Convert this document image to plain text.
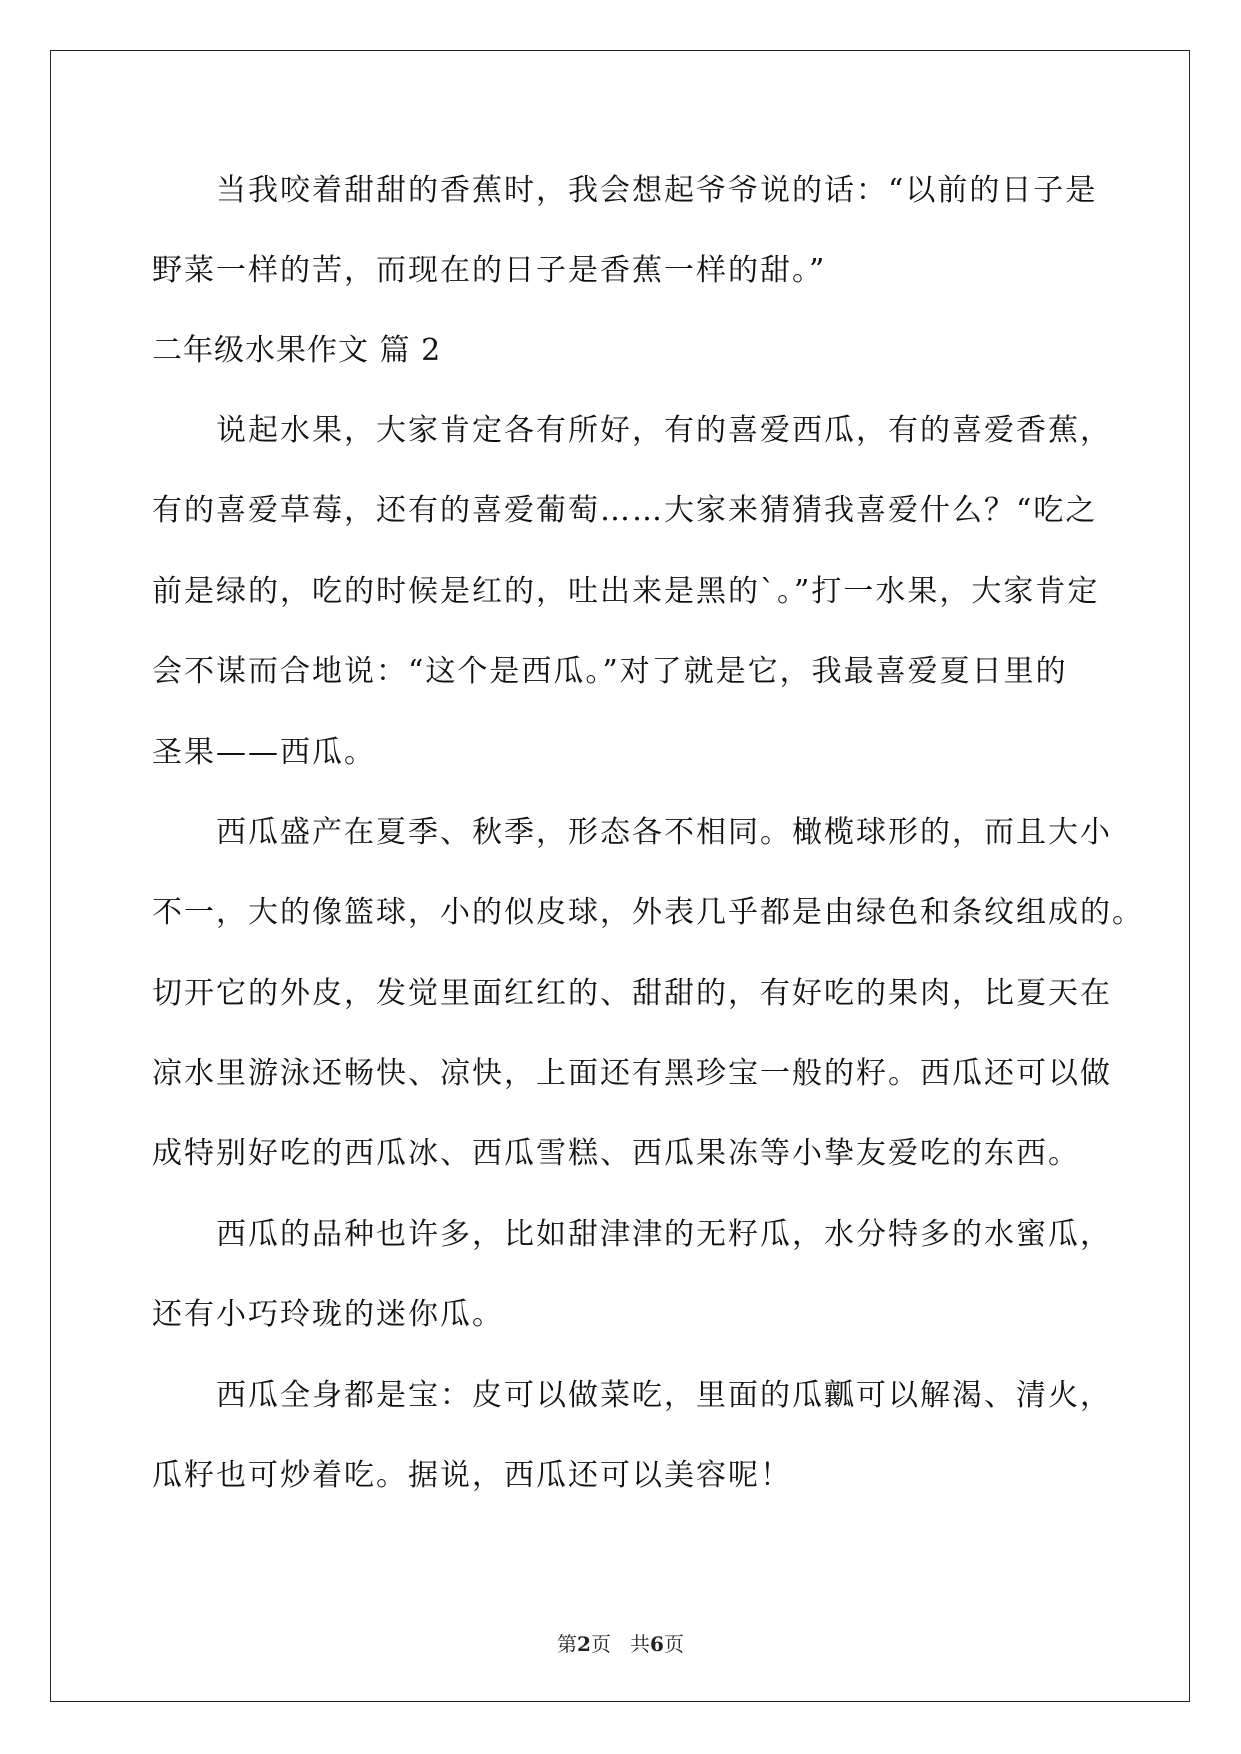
当我咬着甜甜的香蕉时，我会想起爷爷说的话：“以前的日子是
野菜一样的苦，而现在的日子是香蕉一样的甜。”
二年级水果作文 篇 2
说起水果，大家肯定各有所好，有的喜爱西瓜，有的喜爱香蕉，
有的喜爱草莓，还有的喜爱葡萄……大家来猜猜我喜爱什么？“吃之
前是绿的，吃的时候是红的，吐出来是黑的`。”打一水果，大家肯定
会不谋而合地说：“这个是西瓜。”对了就是它，我最喜爱夏日里的
圣果——西瓜。
西瓜盛产在夏季、秋季，形态各不相同。橄榄球形的，而且大小
不一，大的像篮球，小的似皮球，外表几乎都是由绿色和条纹组成的。
切开它的外皮，发觉里面红红的、甜甜的，有好吃的果肉，比夏天在
凉水里游泳还畅快、凉快，上面还有黑珍宝一般的籽。西瓜还可以做
成特别好吃的西瓜冰、西瓜雪糕、西瓜果冻等小挚友爱吃的东西。
西瓜的品种也许多，比如甜津津的无籽瓜，水分特多的水蜜瓜，
还有小巧玲珑的迷你瓜。
西瓜全身都是宝：皮可以做菜吃，里面的瓜瓤可以解渴、清火，
瓜籽也可炒着吃。据说，西瓜还可以美容呢！
第2页 共6页
